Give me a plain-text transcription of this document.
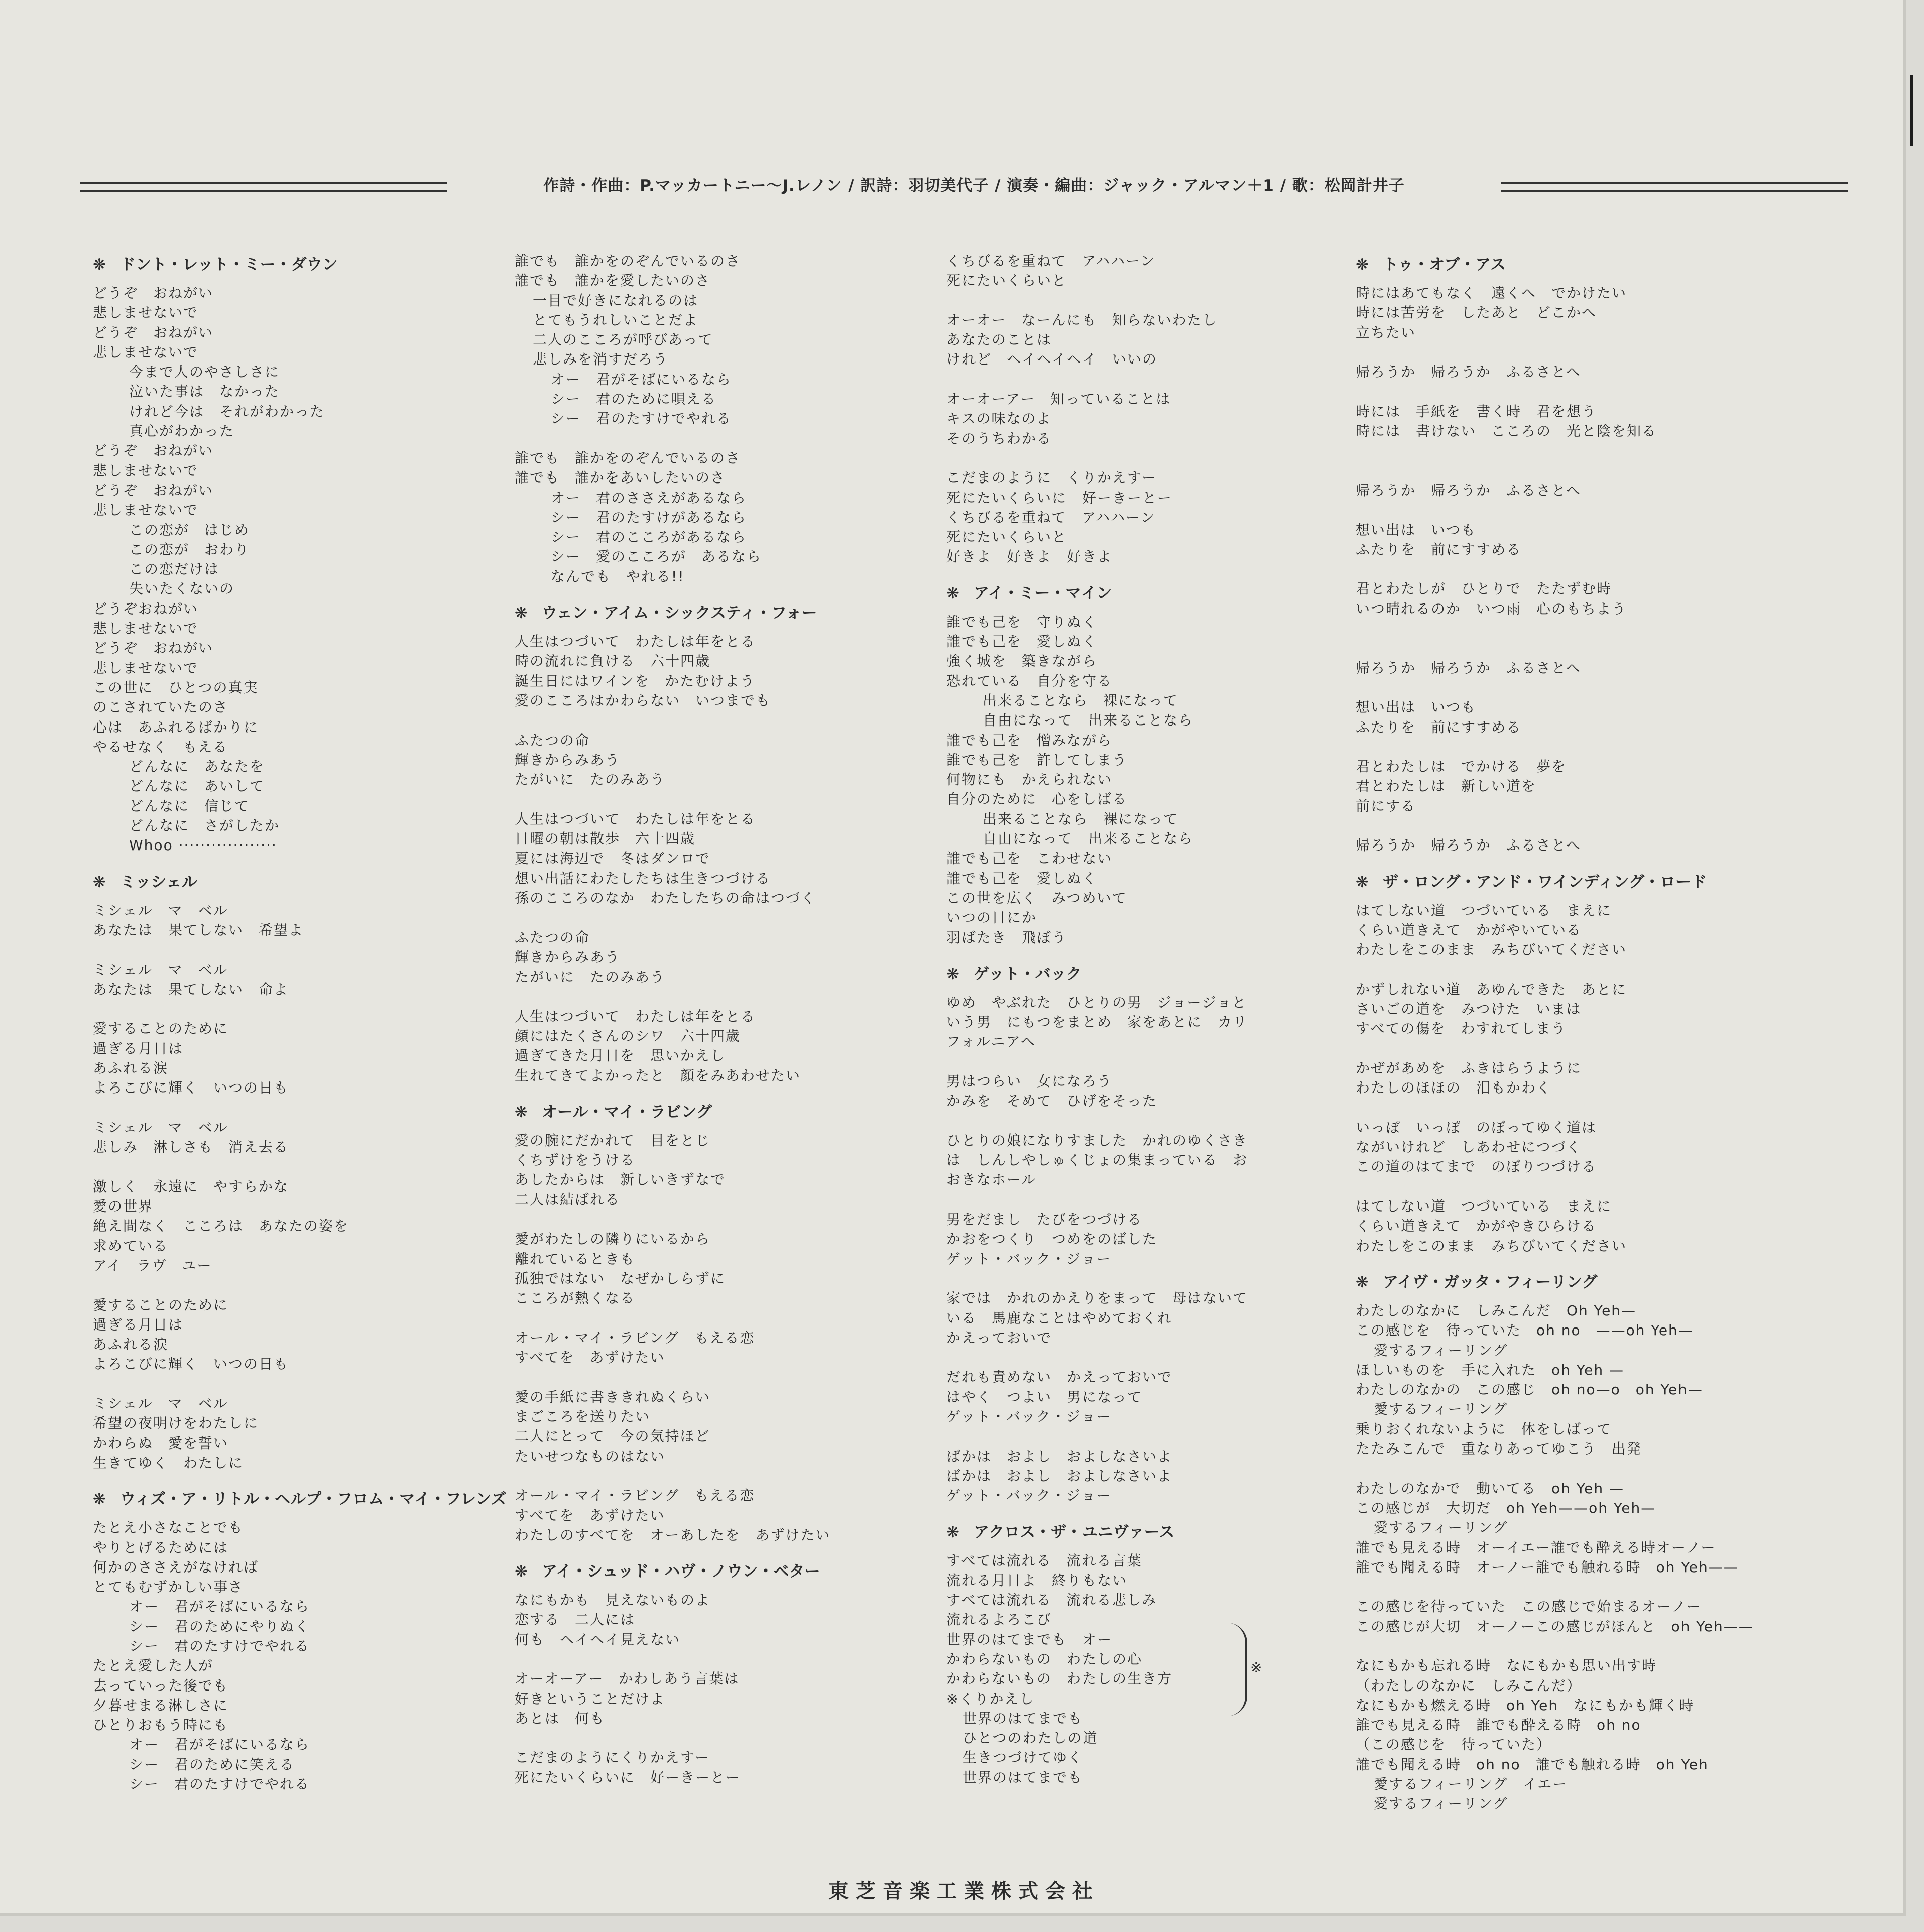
作詩・作曲：P.マッカートニー〜J.レノン / 訳詩：羽切美代子 / 演奏・編曲：ジャック・アルマン＋1 / 歌：松岡計井子
❋ ドント・レット・ミー・ダウン
どうぞ　おねがい
悲しませないで
どうぞ　おねがい
悲しませないで
今まで人のやさしさに
泣いた事は　なかった
けれど今は　それがわかった
真心がわかった
どうぞ　おねがい
悲しませないで
どうぞ　おねがい
悲しませないで
この恋が　はじめ
この恋が　おわり
この恋だけは
失いたくないの
どうぞおねがい
悲しませないで
どうぞ　おねがい
悲しませないで
この世に　ひとつの真実
のこされていたのさ
心は　あふれるばかりに
やるせなく　もえる
どんなに　あなたを
どんなに　あいして
どんなに　信じて
どんなに　さがしたか
Whoo ··················
❋ ミッシェル
ミシェル　マ　ベル
あなたは　果てしない　希望よ
ミシェル　マ　ベル
あなたは　果てしない　命よ
愛することのために
過ぎる月日は
あふれる涙
よろこびに輝く　いつの日も
ミシェル　マ　ベル
悲しみ　淋しさも　消え去る
激しく　永遠に　やすらかな
愛の世界
絶え間なく　こころは　あなたの姿を
求めている
アイ　ラヴ　ユー
愛することのために
過ぎる月日は
あふれる涙
よろこびに輝く　いつの日も
ミシェル　マ　ベル
希望の夜明けをわたしに
かわらぬ　愛を誓い
生きてゆく　わたしに
❋ ウィズ・ア・リトル・ヘルプ・フロム・マイ・フレンズ
たとえ小さなことでも
やりとげるためには
何かのささえがなければ
とてもむずかしい事さ
オー　君がそばにいるなら
シー　君のためにやりぬく
シー　君のたすけでやれる
たとえ愛した人が
去っていった後でも
夕暮せまる淋しさに
ひとりおもう時にも
オー　君がそばにいるなら
シー　君のために笑える
シー　君のたすけでやれる
誰でも　誰かをのぞんでいるのさ
誰でも　誰かを愛したいのさ
一目で好きになれるのは
とてもうれしいことだよ
二人のこころが呼びあって
悲しみを消すだろう
オー　君がそばにいるなら
シー　君のために唄える
シー　君のたすけでやれる
誰でも　誰かをのぞんでいるのさ
誰でも　誰かをあいしたいのさ
オー　君のささえがあるなら
シー　君のたすけがあるなら
シー　君のこころがあるなら
シー　愛のこころが　あるなら
なんでも　やれる!!
❋ ウェン・アイム・シックスティ・フォー
人生はつづいて　わたしは年をとる
時の流れに負ける　六十四歳
誕生日にはワインを　かたむけよう
愛のこころはかわらない　いつまでも
ふたつの命
輝きからみあう
たがいに　たのみあう
人生はつづいて　わたしは年をとる
日曜の朝は散歩　六十四歳
夏には海辺で　冬はダンロで
想い出話にわたしたちは生きつづける
孫のこころのなか　わたしたちの命はつづく
ふたつの命
輝きからみあう
たがいに　たのみあう
人生はつづいて　わたしは年をとる
顔にはたくさんのシワ　六十四歳
過ぎてきた月日を　思いかえし
生れてきてよかったと　顔をみあわせたい
❋ オール・マイ・ラビング
愛の腕にだかれて　目をとじ
くちずけをうける
あしたからは　新しいきずなで
二人は結ばれる
愛がわたしの隣りにいるから
離れているときも
孤独ではない　なぜかしらずに
こころが熱くなる
オール・マイ・ラビング　もえる恋
すべてを　あずけたい
愛の手紙に書ききれぬくらい
まごころを送りたい
二人にとって　今の気持ほど
たいせつなものはない
オール・マイ・ラビング　もえる恋
すべてを　あずけたい
わたしのすべてを　オーあしたを　あずけたい
❋ アイ・シュッド・ハヴ・ノウン・ベター
なにもかも　見えないものよ
恋する　二人には
何も　ヘイヘイ見えない
オーオーアー　かわしあう言葉は
好きということだけよ
あとは　何も
こだまのようにくりかえすー
死にたいくらいに　好ーきーとー
くちびるを重ねて　アハハーン
死にたいくらいと
オーオー　なーんにも　知らないわたし
あなたのことは
けれど　ヘイヘイヘイ　いいの
オーオーアー　知っていることは
キスの味なのよ
そのうちわかる
こだまのように　くりかえすー
死にたいくらいに　好ーきーとー
くちびるを重ねて　アハハーン
死にたいくらいと
好きよ　好きよ　好きよ
❋ アイ・ミー・マイン
誰でも己を　守りぬく
誰でも己を　愛しぬく
強く城を　築きながら
恐れている　自分を守る
出来ることなら　裸になって
自由になって　出来ることなら
誰でも己を　憎みながら
誰でも己を　許してしまう
何物にも　かえられない
自分のために　心をしばる
出来ることなら　裸になって
自由になって　出来ることなら
誰でも己を　こわせない
誰でも己を　愛しぬく
この世を広く　みつめいて
いつの日にか
羽ばたき　飛ぼう
❋ ゲット・バック
ゆめ　やぶれた　ひとりの男　ジョージョと
いう男　にもつをまとめ　家をあとに　カリ
フォルニアへ
男はつらい　女になろう
かみを　そめて　ひげをそった
ひとりの娘になりすました　かれのゆくさき
は　しんしやしゅくじょの集まっている　お
おきなホール
男をだまし　たびをつづける
かおをつくり　つめをのばした
ゲット・バック・ジョー
家では　かれのかえりをまって　母はないて
いる　馬鹿なことはやめておくれ
かえっておいで
だれも責めない　かえっておいで
はやく　つよい　男になって
ゲット・バック・ジョー
ばかは　およし　およしなさいよ
ばかは　およし　およしなさいよ
ゲット・バック・ジョー
❋ アクロス・ザ・ユニヴァース
すべては流れる　流れる言葉
流れる月日よ　終りもない
すべては流れる　流れる悲しみ
流れるよろこび
世界のはてまでも　オー
かわらないもの　わたしの心
かわらないもの　わたしの生き方
※くりかえし
世界のはてまでも
ひとつのわたしの道
生きつづけてゆく
世界のはてまでも
❋ トゥ・オブ・アス
時にはあてもなく　遠くへ　でかけたい
時には苦労を　したあと　どこかへ
立ちたい
帰ろうか　帰ろうか　ふるさとへ
時には　手紙を　書く時　君を想う
時には　書けない　こころの　光と陰を知る
帰ろうか　帰ろうか　ふるさとへ
想い出は　いつも
ふたりを　前にすすめる
君とわたしが　ひとりで　たたずむ時
いつ晴れるのか　いつ雨　心のもちよう
帰ろうか　帰ろうか　ふるさとへ
想い出は　いつも
ふたりを　前にすすめる
君とわたしは　でかける　夢を
君とわたしは　新しい道を
前にする
帰ろうか　帰ろうか　ふるさとへ
❋ ザ・ロング・アンド・ワインディング・ロード
はてしない道　つづいている　まえに
くらい道きえて　かがやいている
わたしをこのまま　みちびいてください
かずしれない道　あゆんできた　あとに
さいごの道を　みつけた　いまは
すべての傷を　わすれてしまう
かぜがあめを　ふきはらうように
わたしのほほの　泪もかわく
いっぽ　いっぽ　のぼってゆく道は
ながいけれど　しあわせにつづく
この道のはてまで　のぼりつづける
はてしない道　つづいている　まえに
くらい道きえて　かがやきひらける
わたしをこのまま　みちびいてください
❋ アイヴ・ガッタ・フィーリング
わたしのなかに　しみこんだ　Oh Yeh—
この感じを　待っていた　oh no　——oh Yeh—
愛するフィーリング
ほしいものを　手に入れた　oh Yeh —
わたしのなかの　この感じ　oh no—o　oh Yeh—
愛するフィーリング
乗りおくれないように　体をしばって
たたみこんで　重なりあってゆこう　出発
わたしのなかで　動いてる　oh Yeh —
この感じが　大切だ　oh Yeh——oh Yeh—
愛するフィーリング
誰でも見える時　オーイエー誰でも酔える時オーノー
誰でも聞える時　オーノー誰でも触れる時　oh Yeh——
この感じを待っていた　この感じで始まるオーノー
この感じが大切　オーノーこの感じがほんと　oh Yeh——
なにもかも忘れる時　なにもかも思い出す時
（わたしのなかに　しみこんだ）
なにもかも燃える時　oh Yeh　なにもかも輝く時
誰でも見える時　誰でも酔える時　oh no
（この感じを　待っていた）
誰でも聞える時　oh no　誰でも触れる時　oh Yeh
愛するフィーリング　イエー
愛するフィーリング
※
東芝音楽工業株式会社
